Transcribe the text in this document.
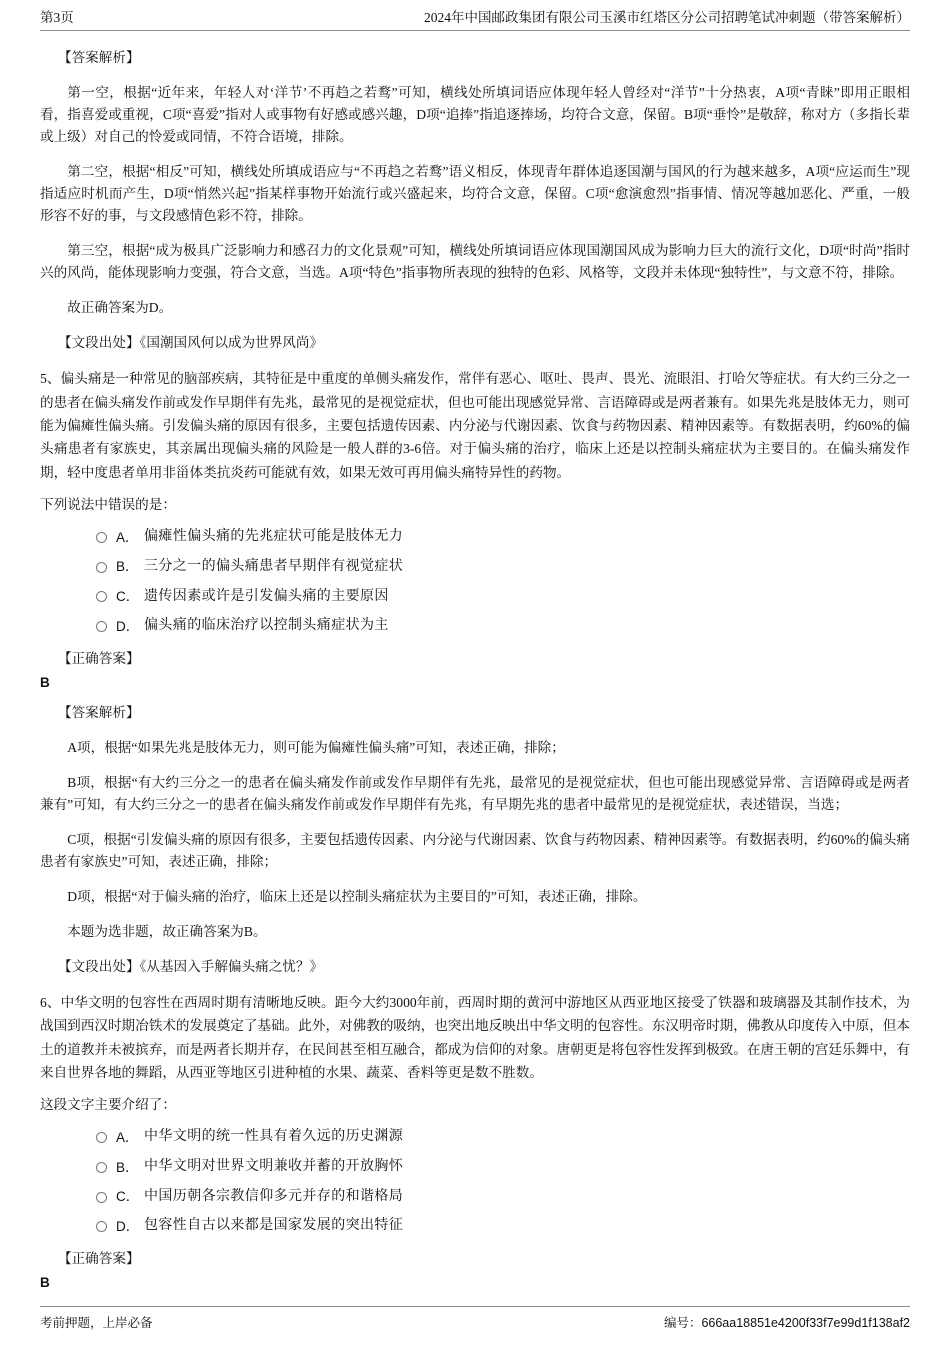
第3页	2024年中国邮政集团有限公司玉溪市红塔区分公司招聘笔试冲刺题（带答案解析）
【答案解析】
第一空，根据“近年来，年轻人对‘洋节’不再趋之若鹜”可知，横线处所填词语应体现年轻人曾经对“洋节”十分热衷，A项“青睐”即用正眼相看，指喜爱或重视，C项“喜爱”指对人或事物有好感或感兴趣，D项“追捧”指追逐捧场，均符合文意，保留。B项“垂怜”是敬辞，称对方（多指长辈或上级）对自己的怜爱或同情，不符合语境，排除。
第二空，根据“相反”可知，横线处所填成语应与“不再趋之若鹜”语义相反，体现青年群体追逐国潮与国风的行为越来越多，A项“应运而生”现指适应时机而产生，D项“悄然兴起”指某样事物开始流行或兴盛起来，均符合文意，保留。C项“愈演愈烈”指事情、情况等越加恶化、严重，一般形容不好的事，与文段感情色彩不符，排除。
第三空，根据“成为极具广泛影响力和感召力的文化景观”可知，横线处所填词语应体现国潮国风成为影响力巨大的流行文化，D项“时尚”指时兴的风尚，能体现影响力变强，符合文意，当选。A项“特色”指事物所表现的独特的色彩、风格等，文段并未体现“独特性”，与文意不符，排除。
故正确答案为D。
【文段出处】《国潮国风何以成为世界风尚》
5、偏头痛是一种常见的脑部疾病，其特征是中重度的单侧头痛发作，常伴有恶心、呕吐、畏声、畏光、流眼泪、打哈欠等症状。有大约三分之一的患者在偏头痛发作前或发作早期伴有先兆，最常见的是视觉症状，但也可能出现感觉异常、言语障碍或是两者兼有。如果先兆是肢体无力，则可能为偏瘫性偏头痛。引发偏头痛的原因有很多，主要包括遗传因素、内分泌与代谢因素、饮食与药物因素、精神因素等。有数据表明，约60%的偏头痛患者有家族史，其亲属出现偏头痛的风险是一般人群的3-6倍。对于偏头痛的治疗，临床上还是以控制头痛症状为主要目的。在偏头痛发作期，轻中度患者单用非甾体类抗炎药可能就有效，如果无效可再用偏头痛特异性的药物。
下列说法中错误的是：
A． 偏瘫性偏头痛的先兆症状可能是肢体无力
B． 三分之一的偏头痛患者早期伴有视觉症状
C． 遗传因素或许是引发偏头痛的主要原因
D． 偏头痛的临床治疗以控制头痛症状为主
【正确答案】
B
【答案解析】
A项，根据“如果先兆是肢体无力，则可能为偏瘫性偏头痛”可知，表述正确，排除；
B项，根据“有大约三分之一的患者在偏头痛发作前或发作早期伴有先兆，最常见的是视觉症状，但也可能出现感觉异常、言语障碍或是两者兼有”可知，有大约三分之一的患者在偏头痛发作前或发作早期伴有先兆，有早期先兆的患者中最常见的是视觉症状，表述错误，当选；
C项，根据“引发偏头痛的原因有很多，主要包括遗传因素、内分泌与代谢因素、饮食与药物因素、精神因素等。有数据表明，约60%的偏头痛患者有家族史”可知，表述正确，排除；
D项，根据“对于偏头痛的治疗，临床上还是以控制头痛症状为主要目的”可知，表述正确，排除。
本题为选非题，故正确答案为B。
【文段出处】《从基因入手解偏头痛之忧？》
6、中华文明的包容性在西周时期有清晰地反映。距今大约3000年前，西周时期的黄河中游地区从西亚地区接受了铁器和玻璃器及其制作技术，为战国到西汉时期冶铁术的发展奠定了基础。此外，对佛教的吸纳，也突出地反映出中华文明的包容性。东汉明帝时期，佛教从印度传入中原，但本土的道教并未被摈弃，而是两者长期并存，在民间甚至相互融合，都成为信仰的对象。唐朝更是将包容性发挥到极致。在唐王朝的宫廷乐舞中，有来自世界各地的舞蹈，从西亚等地区引进种植的水果、蔬菜、香料等更是数不胜数。
这段文字主要介绍了：
A． 中华文明的统一性具有着久远的历史渊源
B． 中华文明对世界文明兼收并蓄的开放胸怀
C． 中国历朝各宗教信仰多元并存的和谐格局
D． 包容性自古以来都是国家发展的突出特征
【正确答案】
B
考前押题，上岸必备	编号：666aa18851e4200f33f7e99d1f138af2
